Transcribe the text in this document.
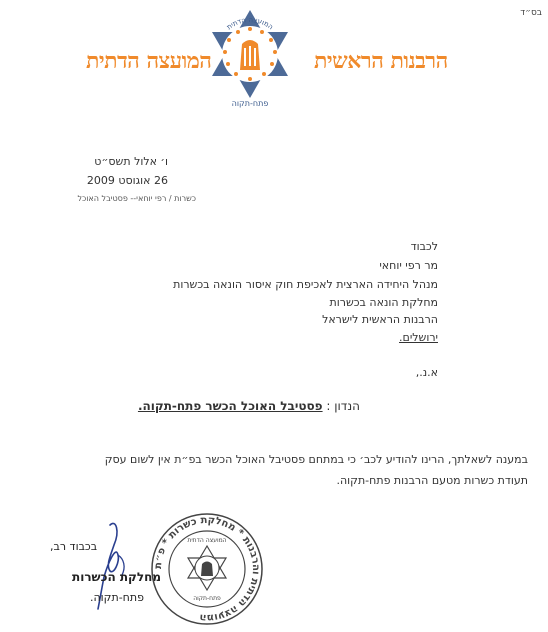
בס״ד
המועצה הדתית	הרבנות הראשית
המועצה הדתית
פתח-תקוה
ו׳ אלול תשס״ט
26 אוגוסט 2009
כשרות / רפי יוחאי-- פסטיבל האוכל
לכבוד
מר רפי יוחאי
מנהל היחידה הארצית לאכיפת חוק איסור הונאה בכשרות
מחלקת הונאה בכשרות
הרבנות הראשית לישראל
ירושלים.
א.נ.,
הנדון : פסטיבל האוכל הכשר פתח-תקוה.
במענה לשאלתך, הרינו להודיע לכב׳ כי במתחם פסטיבל האוכל הכשר בפ״ת אין לשום עסק
תעודת כשרות מטעם הרבנות פתח-תקוה.
בכבוד רב,
מחלקת הכשרות
פתח-תקוה.
המועצה הדתית והרבנות * מחלקת כשרות * פ״ת
המועצה הדתית
פתח-תקוה
